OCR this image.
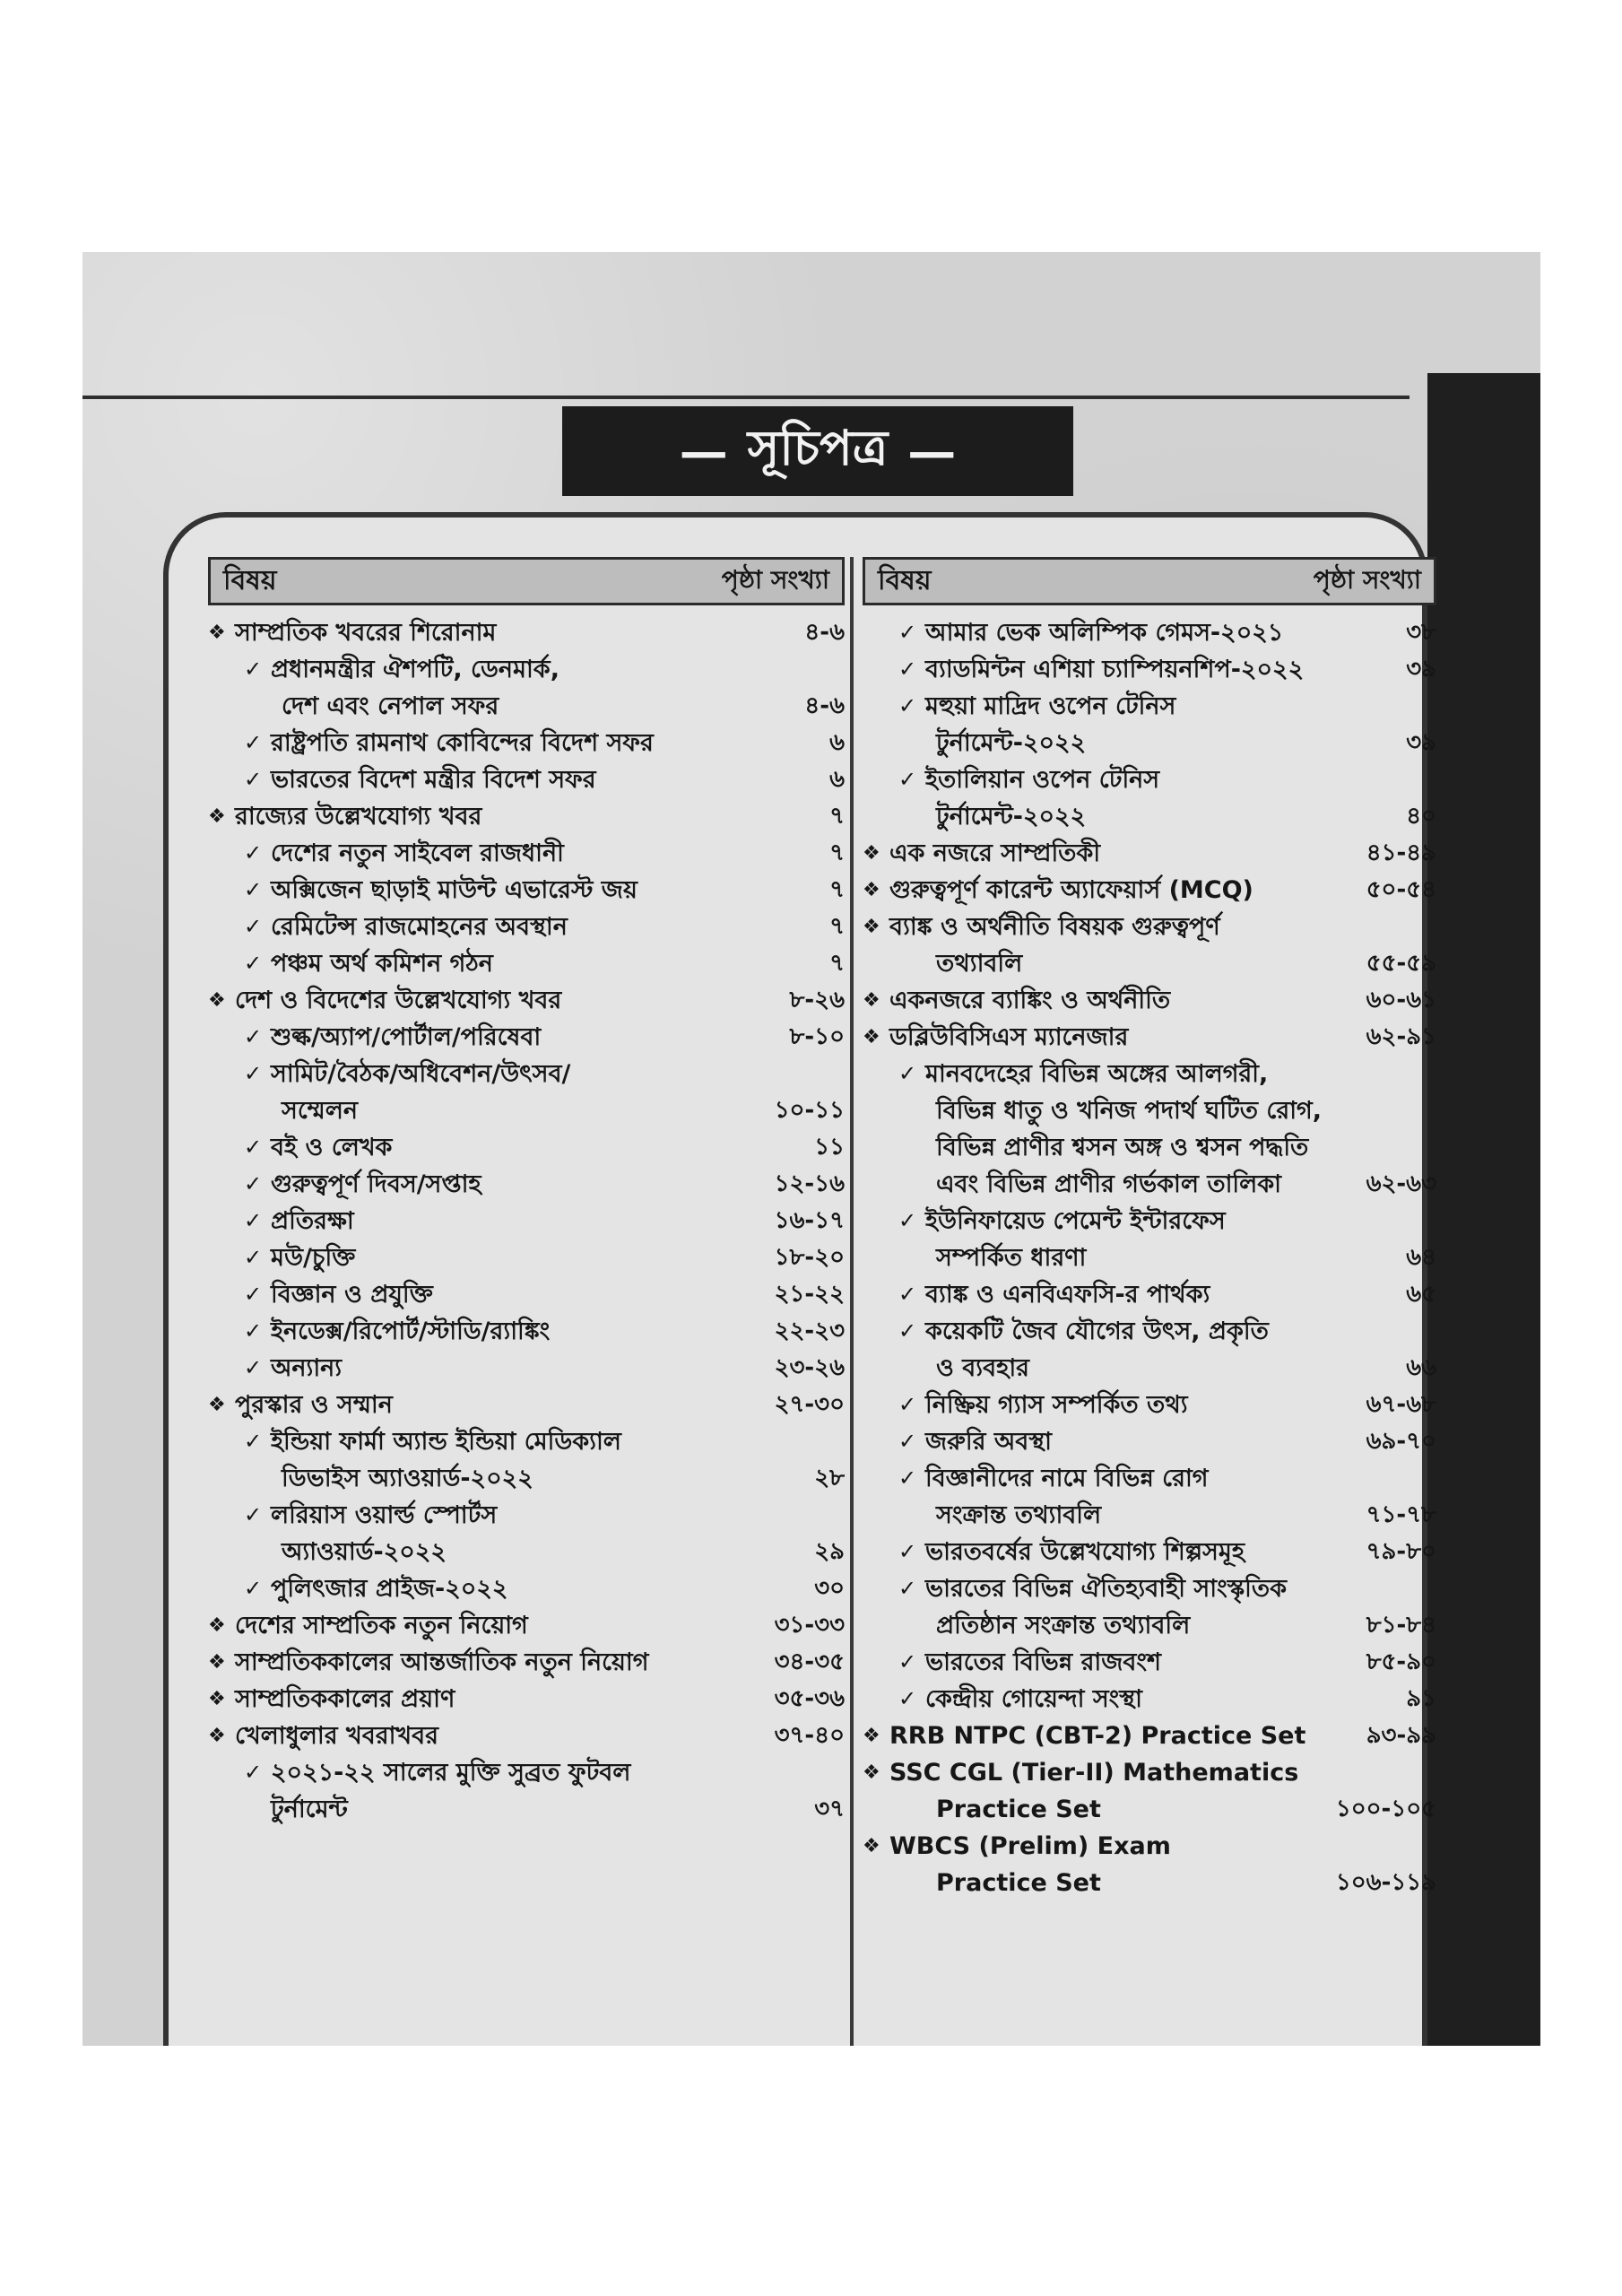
— সূচিপত্র —
বিষয়	পৃষ্ঠা সংখ্যা
❖ সাম্প্রতিক খবরের শিরোনাম	৪-৬
✓ প্রধানমন্ত্রীর ঐশপটি, ডেনমার্ক,
দেশ এবং নেপাল সফর	৪-৬
✓ রাষ্ট্রপতি রামনাথ কোবিন্দের বিদেশ সফর	৬
✓ ভারতের বিদেশ মন্ত্রীর বিদেশ সফর	৬
❖ রাজ্যের উল্লেখযোগ্য খবর	৭
✓ দেশের নতুন সাইবেল রাজধানী	৭
✓ অক্সিজেন ছাড়াই মাউন্ট এভারেস্ট জয়	৭
✓ রেমিটেন্স রাজমোহনের অবস্থান	৭
✓ পঞ্চম অর্থ কমিশন গঠন	৭
❖ দেশ ও বিদেশের উল্লেখযোগ্য খবর	৮-২৬
✓ শুল্ক/অ্যাপ/পোর্টাল/পরিষেবা	৮-১০
✓ সামিট/বৈঠক/অধিবেশন/উৎসব/
সম্মেলন	১০-১১
✓ বই ও লেখক	১১
✓ গুরুত্বপূর্ণ দিবস/সপ্তাহ	১২-১৬
✓ প্রতিরক্ষা	১৬-১৭
✓ মউ/চুক্তি	১৮-২০
✓ বিজ্ঞান ও প্রযুক্তি	২১-২২
✓ ইনডেক্স/রিপোর্ট/স্টাডি/র‍্যাঙ্কিং	২২-২৩
✓ অন্যান্য	২৩-২৬
❖ পুরস্কার ও সম্মান	২৭-৩০
✓ ইন্ডিয়া ফার্মা অ্যান্ড ইন্ডিয়া মেডিক্যাল
ডিভাইস অ্যাওয়ার্ড-২০২২	২৮
✓ লরিয়াস ওয়ার্ল্ড স্পোর্টস
অ্যাওয়ার্ড-২০২২	২৯
✓ পুলিৎজার প্রাইজ-২০২২	৩০
❖ দেশের সাম্প্রতিক নতুন নিয়োগ	৩১-৩৩
❖ সাম্প্রতিককালের আন্তর্জাতিক নতুন নিয়োগ	৩৪-৩৫
❖ সাম্প্রতিককালের প্রয়াণ	৩৫-৩৬
❖ খেলাধুলার খবরাখবর	৩৭-৪০
✓ ২০২১-২২ সালের মুক্তি সুব্রত ফুটবল টুর্নামেন্ট	৩৭
বিষয়	পৃষ্ঠা সংখ্যা
✓ আমার ভেক অলিম্পিক গেমস-২০২১	৩৮
✓ ব্যাডমিন্টন এশিয়া চ্যাম্পিয়নশিপ-২০২২	৩৯
✓ মহুয়া মাদ্রিদ ওপেন টেনিস
টুর্নামেন্ট-২০২২	৩৯
✓ ইতালিয়ান ওপেন টেনিস
টুর্নামেন্ট-২০২২	৪০
❖ এক নজরে সাম্প্রতিকী	৪১-৪৯
❖ গুরুত্বপূর্ণ কারেন্ট অ্যাফেয়ার্স (MCQ)	৫০-৫৪
❖ ব্যাঙ্ক ও অর্থনীতি বিষয়ক গুরুত্বপূর্ণ
তথ্যাবলি	৫৫-৫৯
❖ একনজরে ব্যাঙ্কিং ও অর্থনীতি	৬০-৬১
❖ ডব্লিউবিসিএস ম্যানেজার	৬২-৯১
✓ মানবদেহের বিভিন্ন অঙ্গের আলগরী,
বিভিন্ন ধাতু ও খনিজ পদার্থ ঘটিত রোগ,
বিভিন্ন প্রাণীর শ্বসন অঙ্গ ও শ্বসন পদ্ধতি
এবং বিভিন্ন প্রাণীর গর্ভকাল তালিকা	৬২-৬৩
✓ ইউনিফায়েড পেমেন্ট ইন্টারফেস
সম্পর্কিত ধারণা	৬৪
✓ ব্যাঙ্ক ও এনবিএফসি-র পার্থক্য	৬৫
✓ কয়েকটি জৈব যৌগের উৎস, প্রকৃতি
ও ব্যবহার	৬৬
✓ নিষ্ক্রিয় গ্যাস সম্পর্কিত তথ্য	৬৭-৬৮
✓ জরুরি অবস্থা	৬৯-৭০
✓ বিজ্ঞানীদের নামে বিভিন্ন রোগ
সংক্রান্ত তথ্যাবলি	৭১-৭৮
✓ ভারতবর্ষের উল্লেখযোগ্য শিল্পসমূহ	৭৯-৮০
✓ ভারতের বিভিন্ন ঐতিহ্যবাহী সাংস্কৃতিক
প্রতিষ্ঠান সংক্রান্ত তথ্যাবলি	৮১-৮৪
✓ ভারতের বিভিন্ন রাজবংশ	৮৫-৯০
✓ কেন্দ্রীয় গোয়েন্দা সংস্থা	৯১
❖ RRB NTPC (CBT-2) Practice Set	৯৩-৯৯
❖ SSC CGL (Tier-II) Mathematics
Practice Set	১০০-১০৫
❖ WBCS (Prelim) Exam
Practice Set	১০৬-১১৯
